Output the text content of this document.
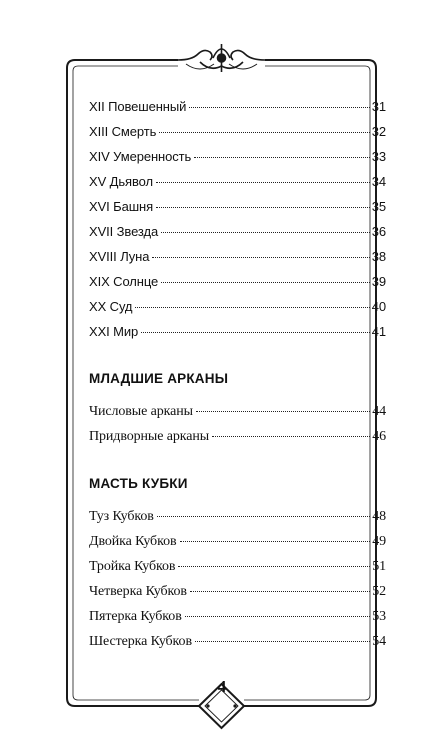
XII Повешенный	31
XIII Смерть	32
XIV Умеренность	33
XV Дьявол	34
XVI Башня	35
XVII Звезда	36
XVIII Луна	38
XIX Солнце	39
XX Суд	40
XXI Мир	41
МЛАДШИЕ АРКАНЫ
Числовые арканы	44
Придворные арканы	46
МАСТЬ КУБКИ
Туз Кубков	48
Двойка Кубков	49
Тройка Кубков	51
Четверка Кубков	52
Пятерка Кубков	53
Шестерка Кубков	54
4
